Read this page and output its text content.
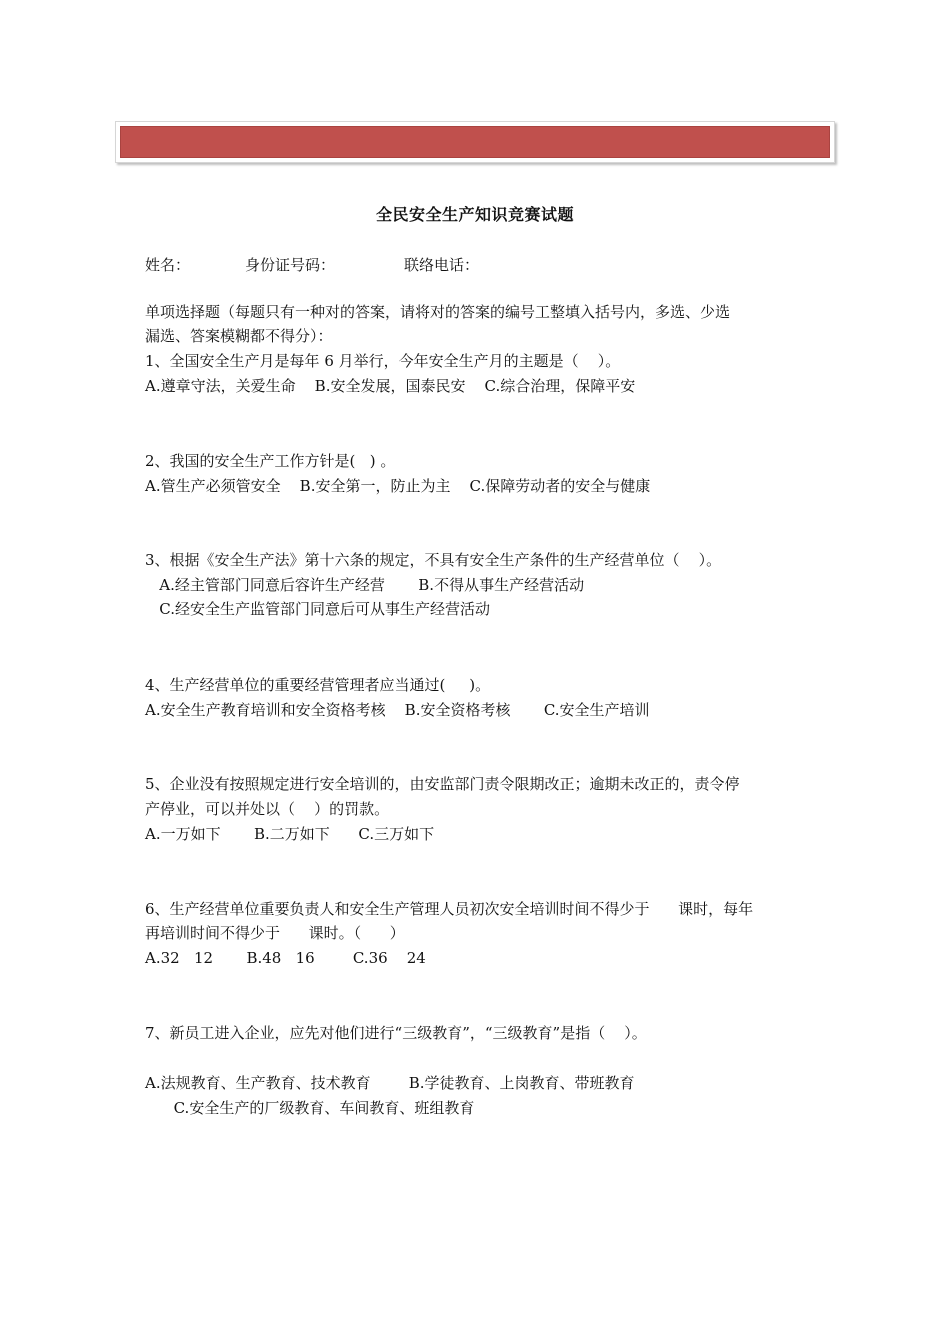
全民安全生产知识竞赛试题
姓名：	身份证号码：	联络电话：
单项选择题（每题只有一种对的答案，请将对的答案的编号工整填入括号内，多选、少选
漏选、答案模糊都不得分）：
1、全国安全生产月是每年 6 月举行，今年安全生产月的主题是（    ）。
A.遵章守法，关爱生命    B.安全发展，国泰民安    C.综合治理，保障平安
2、我国的安全生产工作方针是(   ) 。
A.管生产必须管安全    B.安全第一，防止为主    C.保障劳动者的安全与健康
3、根据《安全生产法》第十六条的规定，不具有安全生产条件的生产经营单位（    ）。
A.经主管部门同意后容许生产经营       B.不得从事生产经营活动
C.经安全生产监管部门同意后可从事生产经营活动
4、生产经营单位的重要经营管理者应当通过(     )。
A.安全生产教育培训和安全资格考核    B.安全资格考核       C.安全生产培训
5、企业没有按照规定进行安全培训的，由安监部门责令限期改正；逾期未改正的，责令停
产停业，可以并处以（    ）的罚款。
A.一万如下       B.二万如下      C.三万如下
6、生产经营单位重要负责人和安全生产管理人员初次安全培训时间不得少于      课时，每年
再培训时间不得少于      课时。（      ）
A.32   12       B.48   16        C.36    24
7、新员工进入企业，应先对他们进行“三级教育”，“三级教育”是指（    ）。
A.法规教育、生产教育、技术教育        B.学徒教育、上岗教育、带班教育
C.安全生产的厂级教育、车间教育、班组教育
